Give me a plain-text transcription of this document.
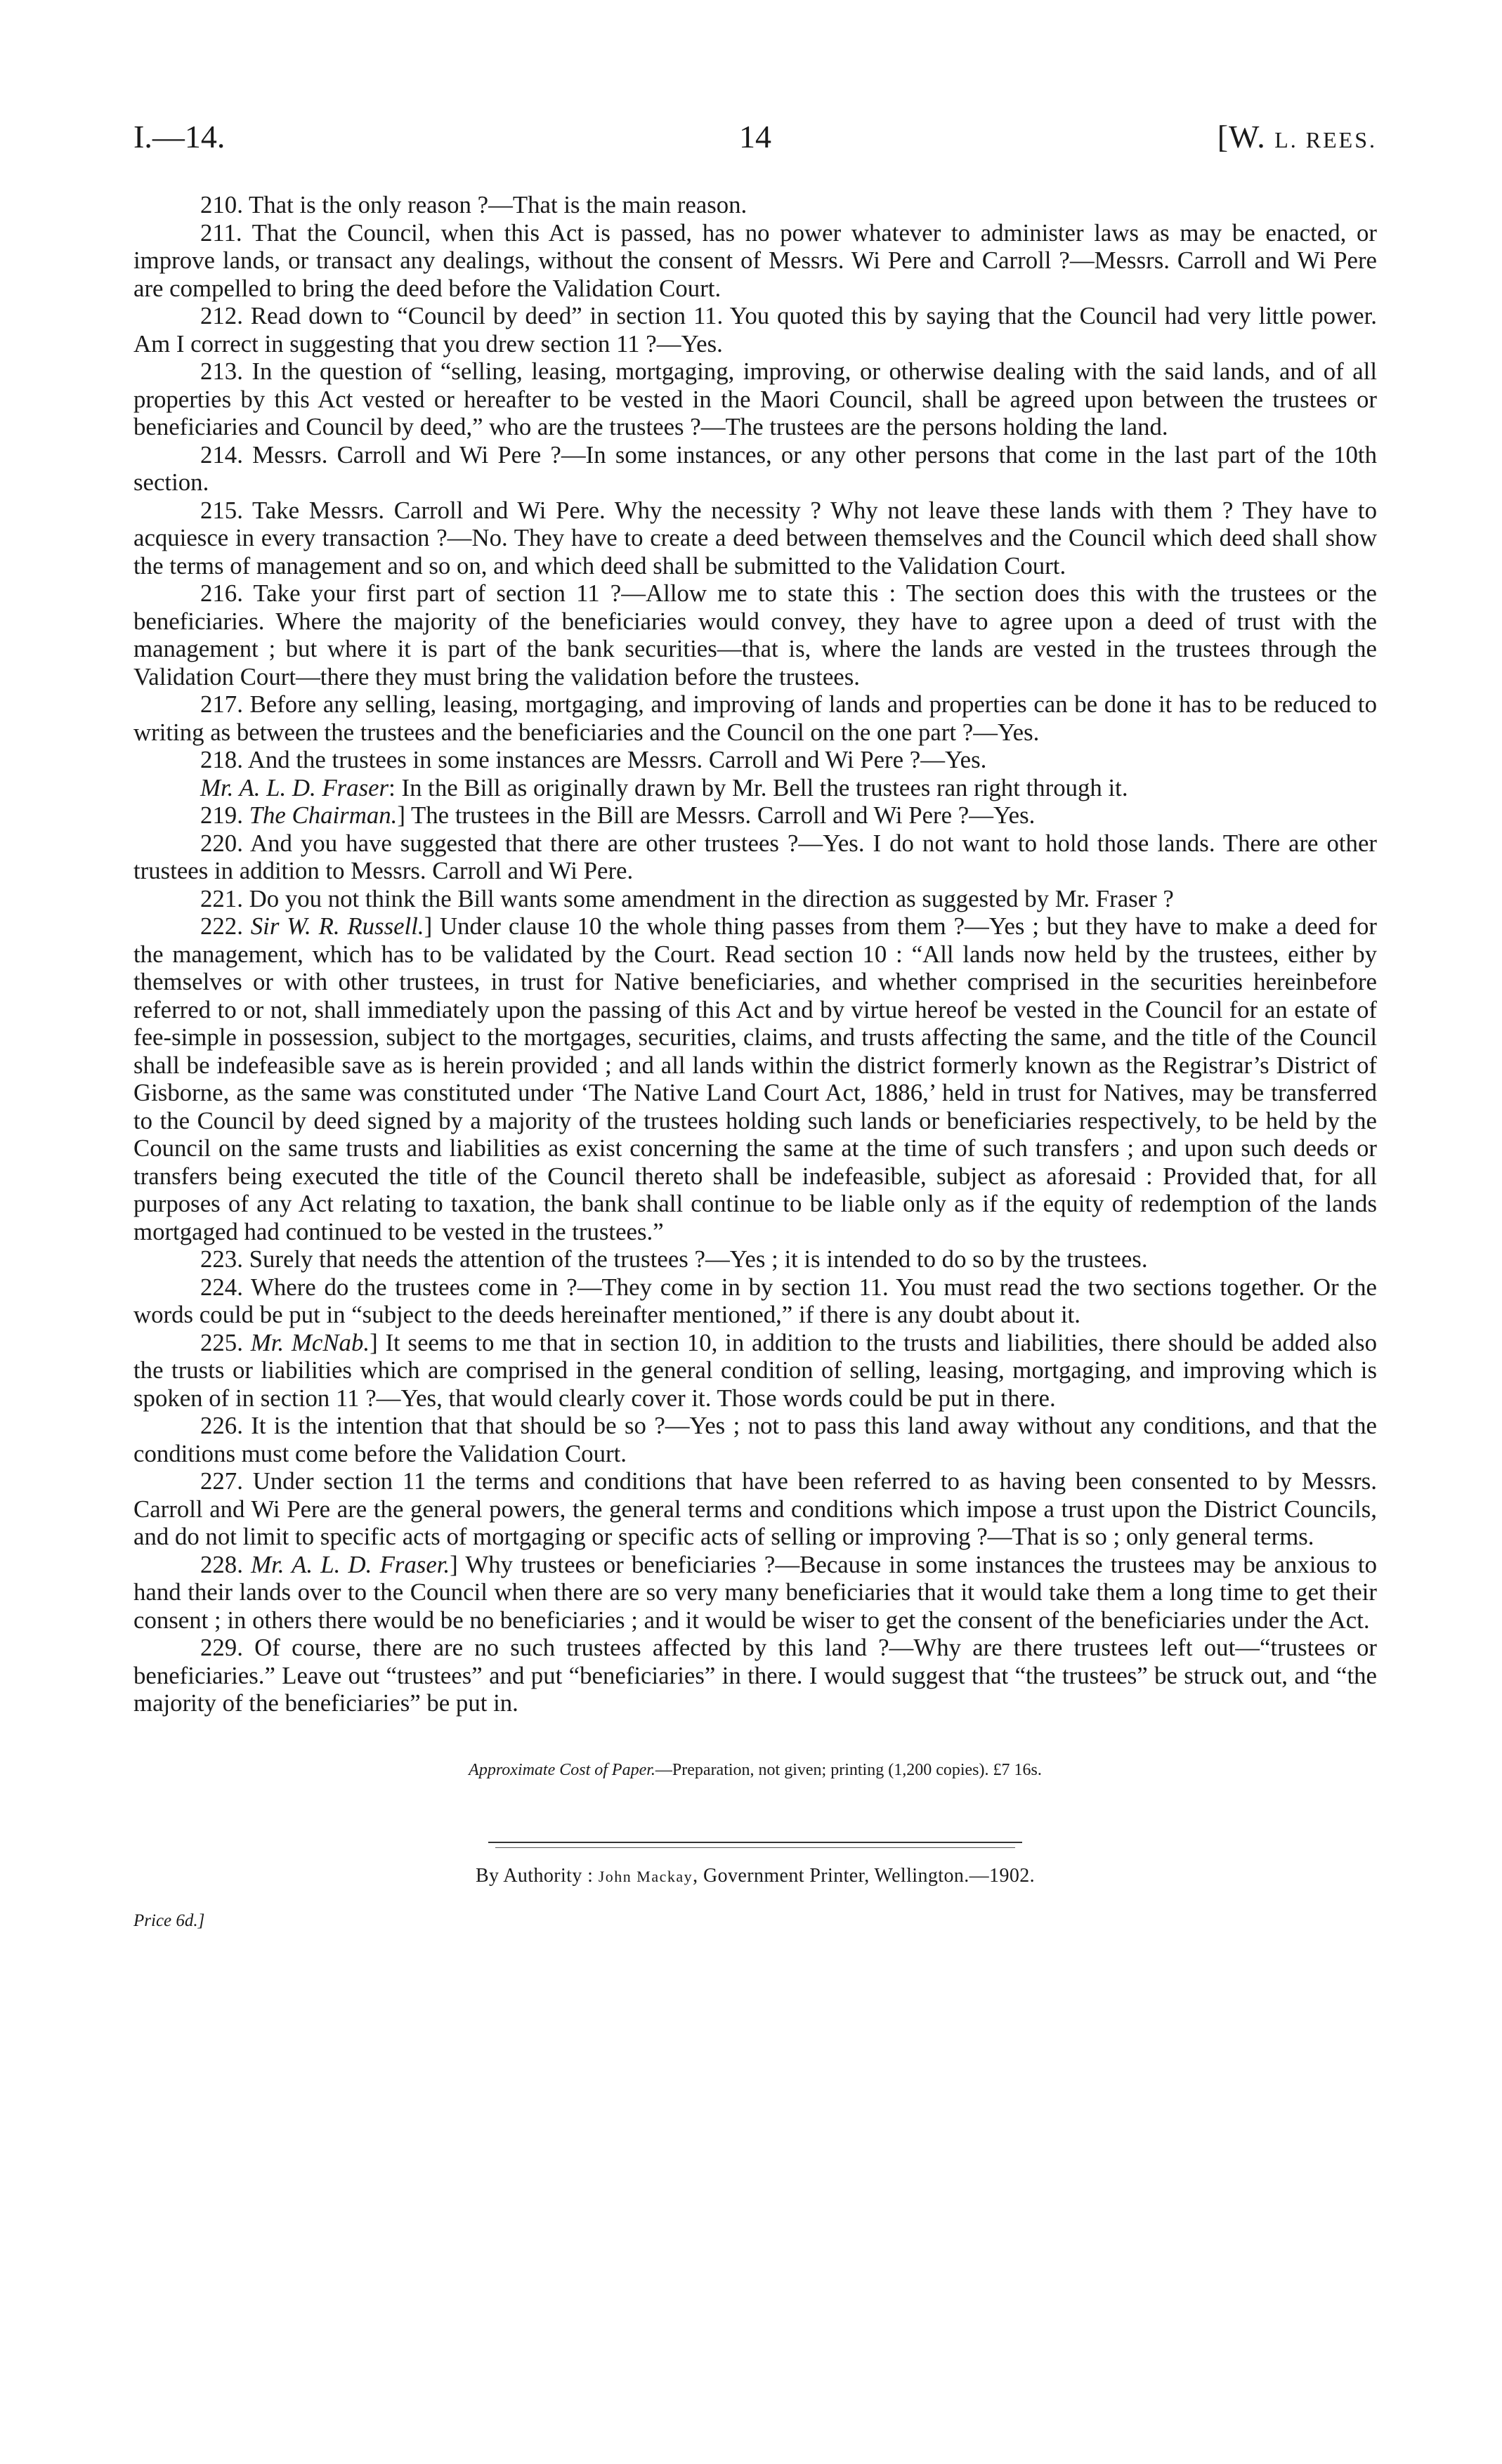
I.—14.	14	[W. L. REES.

210. That is the only reason ?—That is the main reason.

211. That the Council, when this Act is passed, has no power whatever to administer laws as may be enacted, or improve lands, or transact any dealings, without the consent of Messrs. Wi Pere and Carroll ?—Messrs. Carroll and Wi Pere are compelled to bring the deed before the Validation Court.

212. Read down to “Council by deed” in section 11. You quoted this by saying that the Council had very little power. Am I correct in suggesting that you drew section 11 ?—Yes.

213. In the question of “selling, leasing, mortgaging, improving, or otherwise dealing with the said lands, and of all properties by this Act vested or hereafter to be vested in the Maori Council, shall be agreed upon between the trustees or beneficiaries and Council by deed,” who are the trustees ?—The trustees are the persons holding the land.

214. Messrs. Carroll and Wi Pere ?—In some instances, or any other persons that come in the last part of the 10th section.

215. Take Messrs. Carroll and Wi Pere. Why the necessity ? Why not leave these lands with them ? They have to acquiesce in every transaction ?—No. They have to create a deed between themselves and the Council which deed shall show the terms of management and so on, and which deed shall be submitted to the Validation Court.

216. Take your first part of section 11 ?—Allow me to state this : The section does this with the trustees or the beneficiaries. Where the majority of the beneficiaries would convey, they have to agree upon a deed of trust with the management ; but where it is part of the bank securities—that is, where the lands are vested in the trustees through the Validation Court—there they must bring the validation before the trustees.

217. Before any selling, leasing, mortgaging, and improving of lands and properties can be done it has to be reduced to writing as between the trustees and the beneficiaries and the Council on the one part ?—Yes.

218. And the trustees in some instances are Messrs. Carroll and Wi Pere ?—Yes.

Mr. A. L. D. Fraser: In the Bill as originally drawn by Mr. Bell the trustees ran right through it.

219. The Chairman.] The trustees in the Bill are Messrs. Carroll and Wi Pere ?—Yes.

220. And you have suggested that there are other trustees ?—Yes. I do not want to hold those lands. There are other trustees in addition to Messrs. Carroll and Wi Pere.

221. Do you not think the Bill wants some amendment in the direction as suggested by Mr. Fraser ?

222. Sir W. R. Russell.] Under clause 10 the whole thing passes from them ?—Yes ; but they have to make a deed for the management, which has to be validated by the Court. Read section 10 : “All lands now held by the trustees, either by themselves or with other trustees, in trust for Native beneficiaries, and whether comprised in the securities hereinbefore referred to or not, shall immediately upon the passing of this Act and by virtue hereof be vested in the Council for an estate of fee-simple in possession, subject to the mortgages, securities, claims, and trusts affecting the same, and the title of the Council shall be indefeasible save as is herein provided ; and all lands within the district formerly known as the Registrar’s District of Gisborne, as the same was constituted under ‘The Native Land Court Act, 1886,’ held in trust for Natives, may be transferred to the Council by deed signed by a majority of the trustees holding such lands or beneficiaries respectively, to be held by the Council on the same trusts and liabilities as exist concerning the same at the time of such transfers ; and upon such deeds or transfers being executed the title of the Council thereto shall be indefeasible, subject as aforesaid : Provided that, for all purposes of any Act relating to taxation, the bank shall continue to be liable only as if the equity of redemption of the lands mortgaged had continued to be vested in the trustees.”

223. Surely that needs the attention of the trustees ?—Yes ; it is intended to do so by the trustees.

224. Where do the trustees come in ?—They come in by section 11. You must read the two sections together. Or the words could be put in “subject to the deeds hereinafter mentioned,” if there is any doubt about it.

225. Mr. McNab.] It seems to me that in section 10, in addition to the trusts and liabilities, there should be added also the trusts or liabilities which are comprised in the general condition of selling, leasing, mortgaging, and improving which is spoken of in section 11 ?—Yes, that would clearly cover it. Those words could be put in there.

226. It is the intention that that should be so ?—Yes ; not to pass this land away without any conditions, and that the conditions must come before the Validation Court.

227. Under section 11 the terms and conditions that have been referred to as having been consented to by Messrs. Carroll and Wi Pere are the general powers, the general terms and conditions which impose a trust upon the District Councils, and do not limit to specific acts of mortgaging or specific acts of selling or improving ?—That is so ; only general terms.

228. Mr. A. L. D. Fraser.] Why trustees or beneficiaries ?—Because in some instances the trustees may be anxious to hand their lands over to the Council when there are so very many beneficiaries that it would take them a long time to get their consent ; in others there would be no beneficiaries ; and it would be wiser to get the consent of the beneficiaries under the Act.

229. Of course, there are no such trustees affected by this land ?—Why are there trustees left out—“trustees or beneficiaries.” Leave out “trustees” and put “beneficiaries” in there. I would suggest that “the trustees” be struck out, and “the majority of the beneficiaries” be put in.

Approximate Cost of Paper.—Preparation, not given; printing (1,200 copies). £7 16s.
By Authority : John Mackay, Government Printer, Wellington.—1902.
Price 6d.]
